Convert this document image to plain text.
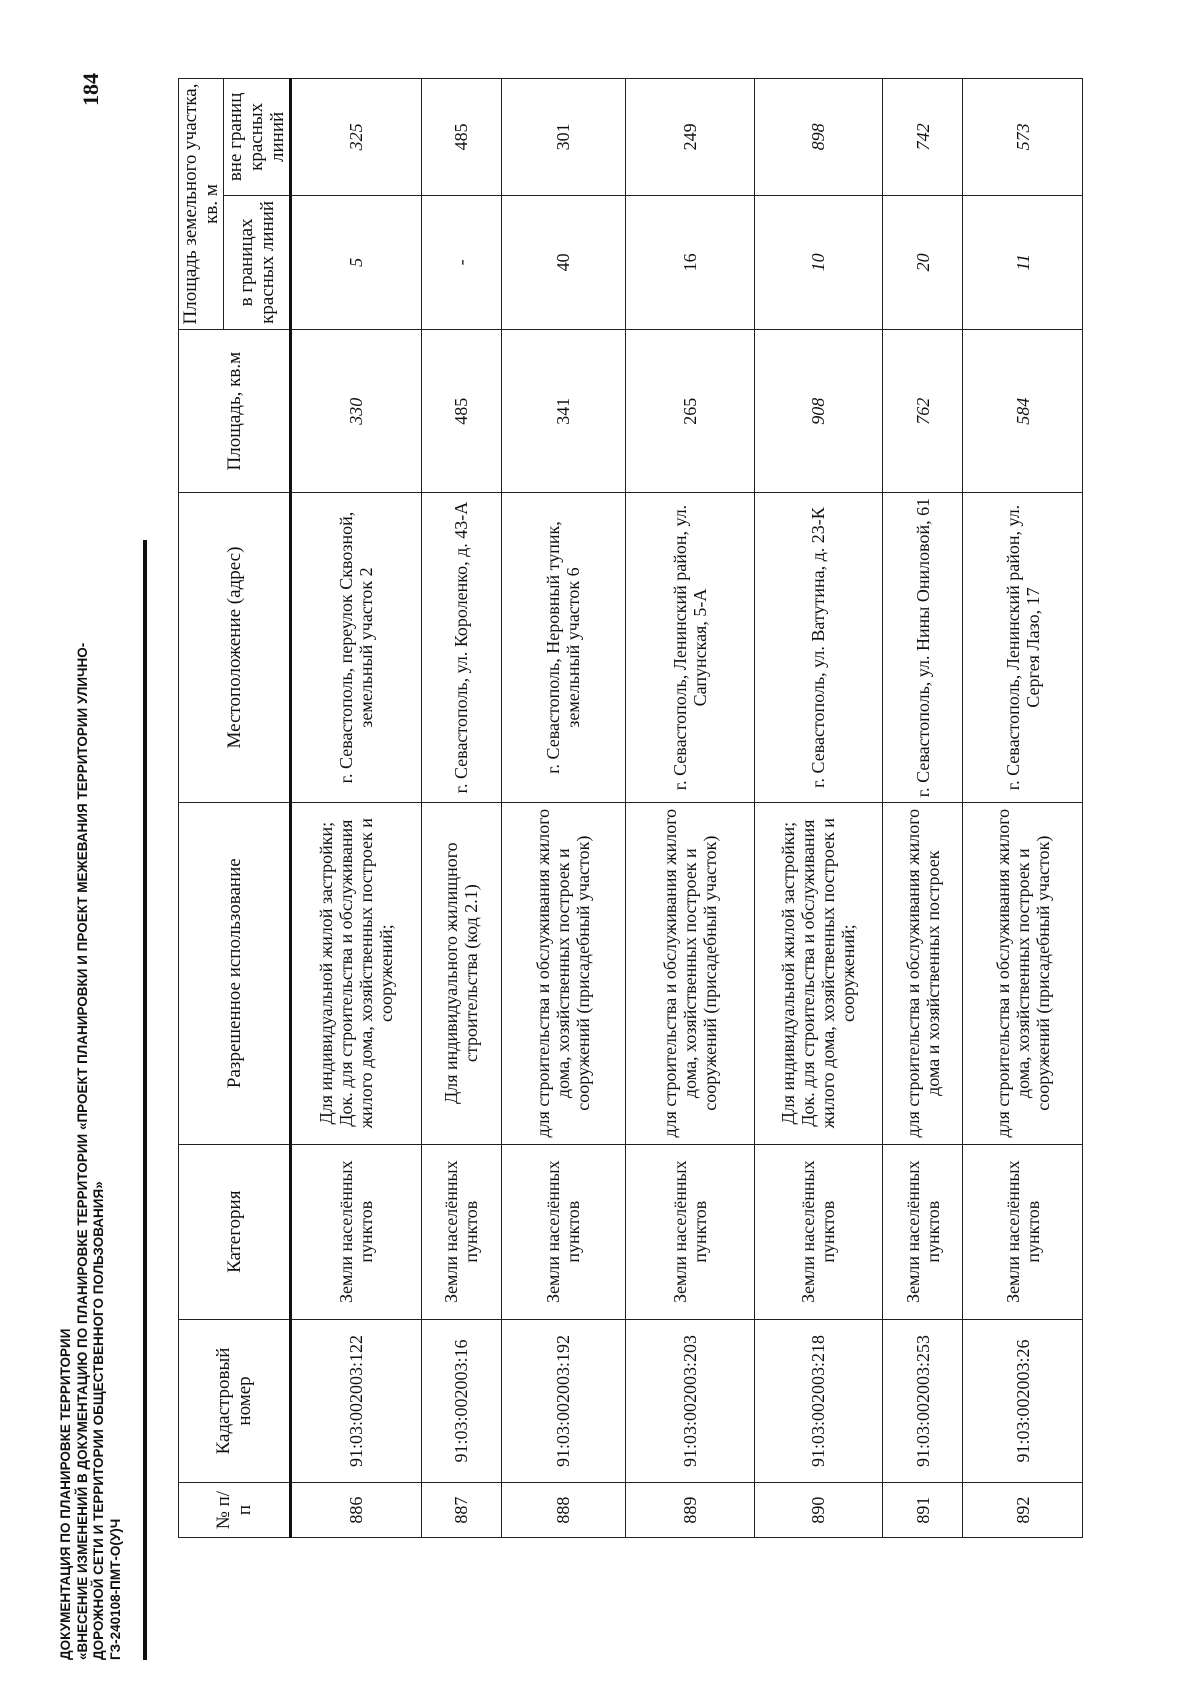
ДОКУМЕНТАЦИЯ ПО ПЛАНИРОВКЕ ТЕРРИТОРИИ «ВНЕСЕНИЕ ИЗМЕНЕНИЙ В ДОКУМЕНТАЦИЮ ПО ПЛАНИРОВКЕ ТЕРРИТОРИИ «ПРОЕКТ ПЛАНИРОВКИ И ПРОЕКТ МЕЖЕВАНИЯ ТЕРРИТОРИИ УЛИЧНО- ДОРОЖНОЙ СЕТИ И ТЕРРИТОРИИ ОБЩЕСТВЕННОГО ПОЛЬЗОВАНИЯ» ГЗ-240108-ПМТ-О(У)Ч
184
№ п/п	Кадастровый номер	Категория	Разрешенное использование	Местоположение (адрес)	Площадь, кв.м	Площадь земельного участка, кв. м	
						в границах красных линий	вне границ красных линий
886	91:03:002003:122	Земли населённых пунктов	Для индивидуальной жилой застройки; Док. для строительства и обслуживания жилого дома, хозяйственных построек и сооружений;	г. Севастополь, переулок Сквозной, земельный участок 2	330	5	325
887	91:03:002003:16	Земли населённых пунктов	Для индивидуального жилищного строительства (код 2.1)	г. Севастополь, ул. Короленко, д. 43-А	485	-	485
888	91:03:002003:192	Земли населённых пунктов	для строительства и обслуживания жилого дома, хозяйственных построек и сооружений (присадебный участок)	г. Севастополь, Неровный тупик, земельный участок 6	341	40	301
889	91:03:002003:203	Земли населённых пунктов	для строительства и обслуживания жилого дома, хозяйственных построек и сооружений (присадебный участок)	г. Севастополь, Ленинский район, ул. Сапунская, 5-А	265	16	249
890	91:03:002003:218	Земли населённых пунктов	Для индивидуальной жилой застройки; Док. для строительства и обслуживания жилого дома, хозяйственных построек и сооружений;	г. Севастополь, ул. Ватутина, д. 23-К	908	10	898
891	91:03:002003:253	Земли населённых пунктов	для строительства и обслуживания жилого дома и хозяйственных построек	г. Севастополь, ул. Нины Ониловой, 61	762	20	742
892	91:03:002003:26	Земли населённых пунктов	для строительства и обслуживания жилого дома, хозяйственных построек и сооружений (присадебный участок)	г. Севастополь, Ленинский район, ул. Сергея Лазо, 17	584	11	573
